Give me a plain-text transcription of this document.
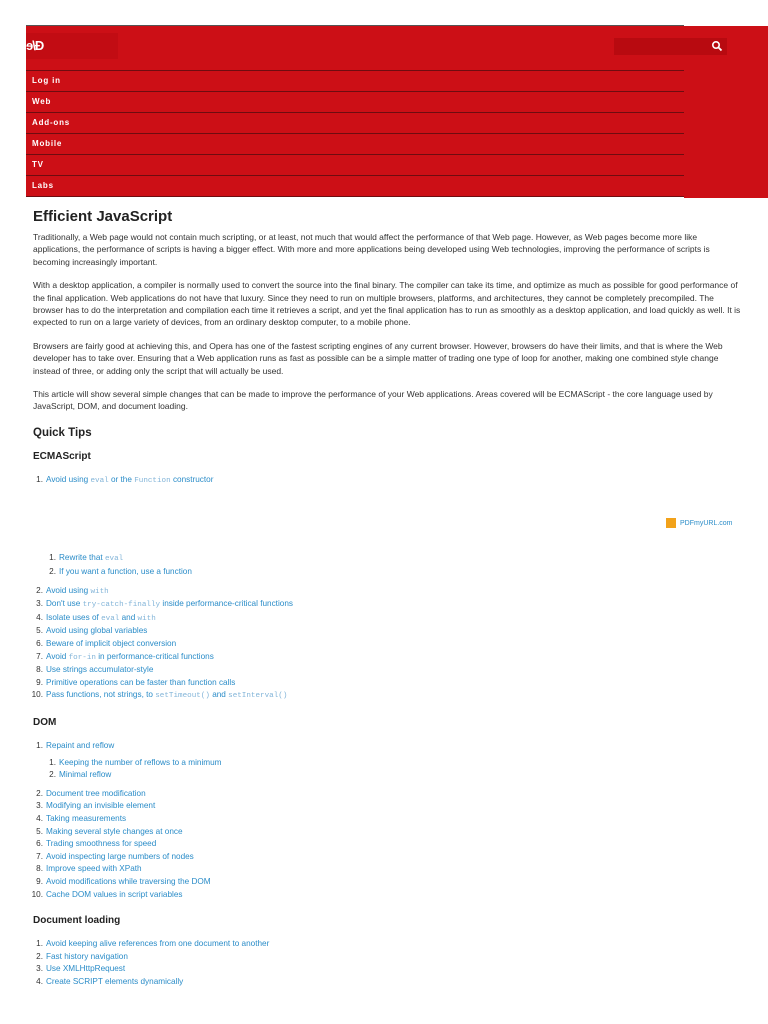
ɘ\Ð
Log in
Web
Add-ons
Mobile
TV
Labs
Efficient JavaScript

Traditionally, a Web page would not contain much scripting, or at least, not much that would affect the performance of that Web page. However, as Web pages become more like applications, the performance of scripts is having a bigger effect. With more and more applications being developed using Web technologies, improving the performance of scripts is becoming increasingly important.

With a desktop application, a compiler is normally used to convert the source into the final binary. The compiler can take its time, and optimize as much as possible for good performance of the final application. Web applications do not have that luxury. Since they need to run on multiple browsers, platforms, and architectures, they cannot be completely precompiled. The browser has to do the interpretation and compilation each time it retrieves a script, and yet the final application has to run as smoothly as a desktop application, and load quickly as well. It is expected to run on a large variety of devices, from an ordinary desktop computer, to a mobile phone.

Browsers are fairly good at achieving this, and Opera has one of the fastest scripting engines of any current browser. However, browsers do have their limits, and that is where the Web developer has to take over. Ensuring that a Web application runs as fast as possible can be a simple matter of trading one type of loop for another, making one combined style change instead of three, or adding only the script that will actually be used.

This article will show several simple changes that can be made to improve the performance of your Web applications. Areas covered will be ECMAScript - the core language used by JavaScript, DOM, and document loading.

Quick Tips
ECMAScript
1. Avoid using eval or the Function constructor
1. Rewrite that eval
2. If you want a function, use a function
2. Avoid using with
3. Don't use try-catch-finally inside performance-critical functions
4. Isolate uses of eval and with
5. Avoid using global variables
6. Beware of implicit object conversion
7. Avoid for-in in performance-critical functions
8. Use strings accumulator-style
9. Primitive operations can be faster than function calls
10. Pass functions, not strings, to setTimeout() and setInterval()
DOM
1. Repaint and reflow
1. Keeping the number of reflows to a minimum
2. Minimal reflow
2. Document tree modification
3. Modifying an invisible element
4. Taking measurements
5. Making several style changes at once
6. Trading smoothness for speed
7. Avoid inspecting large numbers of nodes
8. Improve speed with XPath
9. Avoid modifications while traversing the DOM
10. Cache DOM values in script variables
Document loading
1. Avoid keeping alive references from one document to another
2. Fast history navigation
3. Use XMLHttpRequest
4. Create SCRIPT elements dynamically
PDFmyURL.com
